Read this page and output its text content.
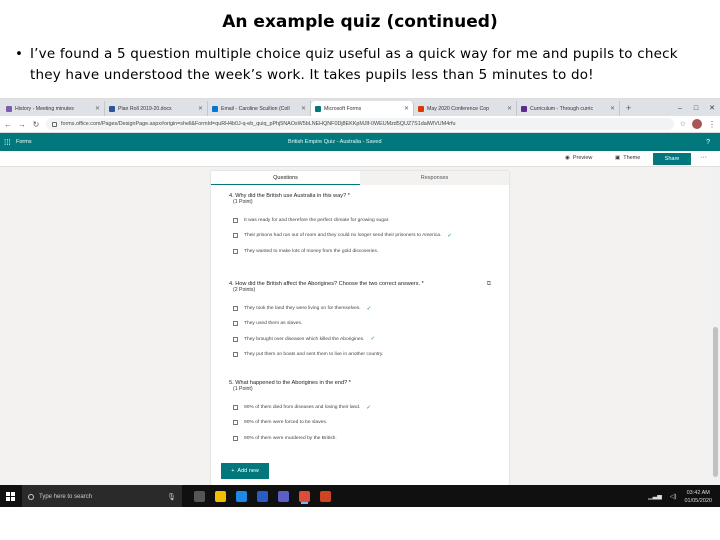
An example quiz (continued)
• I’ve found a 5 question multiple choice quiz useful as a quick way for me and pupils to check they have understood the week’s work. It takes pupils less than 5 minutes to do!
History - Meeting minutes	✕	Plan Roll 2019-20.docx	✕	Email - Caroline Scullion (Coll ✕	Microsoft Forms	✕	May 2020 Conference Cop	✕	Curriculum - Through curric	✕	+	–	□	✕
← → ↻	forms.office.com/Pages/DesignPage.aspx#origin=shell&FormId=quRH4b0J-q-eb_quiq_pPhj5NAOsW5bLNEHQNF0Dj8EKKpMJlf-0WEUMzd5QUZ7S1dalWlVUM4rfu	☆	⋮
⁞⁞⁞ Forms	British Empire Quiz - Australia - Saved	?
◉ Preview	▣ Theme	Share	···
Questions	Responses
4. Why did the British use Australia in this way? *
(1 Point)
It was ready for and therefore the perfect climate for growing sugar.
Their prisons had run out of room and they could no longer send their prisoners to America. ✓
They wanted to make lots of money from the gold discoveries.
⧉
4. How did the British affect the Aborigines? Choose the two correct answers. *
(2 Points)
They took the land they were living on for themselves. ✓
They used them as slaves.
They brought over diseases which killed the Aborigines. ✓
They put them on boats and sent them to live in another country.
5. What happened to the Aborigines in the end? *
(1 Point)
90% of them died from diseases and losing their land. ✓
90% of them were forced to be slaves.
90% of them were murdered by the British.
+ Add new
Type here to search	🎙	▁▃▅ ◁)
03:42 AM
01/05/2020
